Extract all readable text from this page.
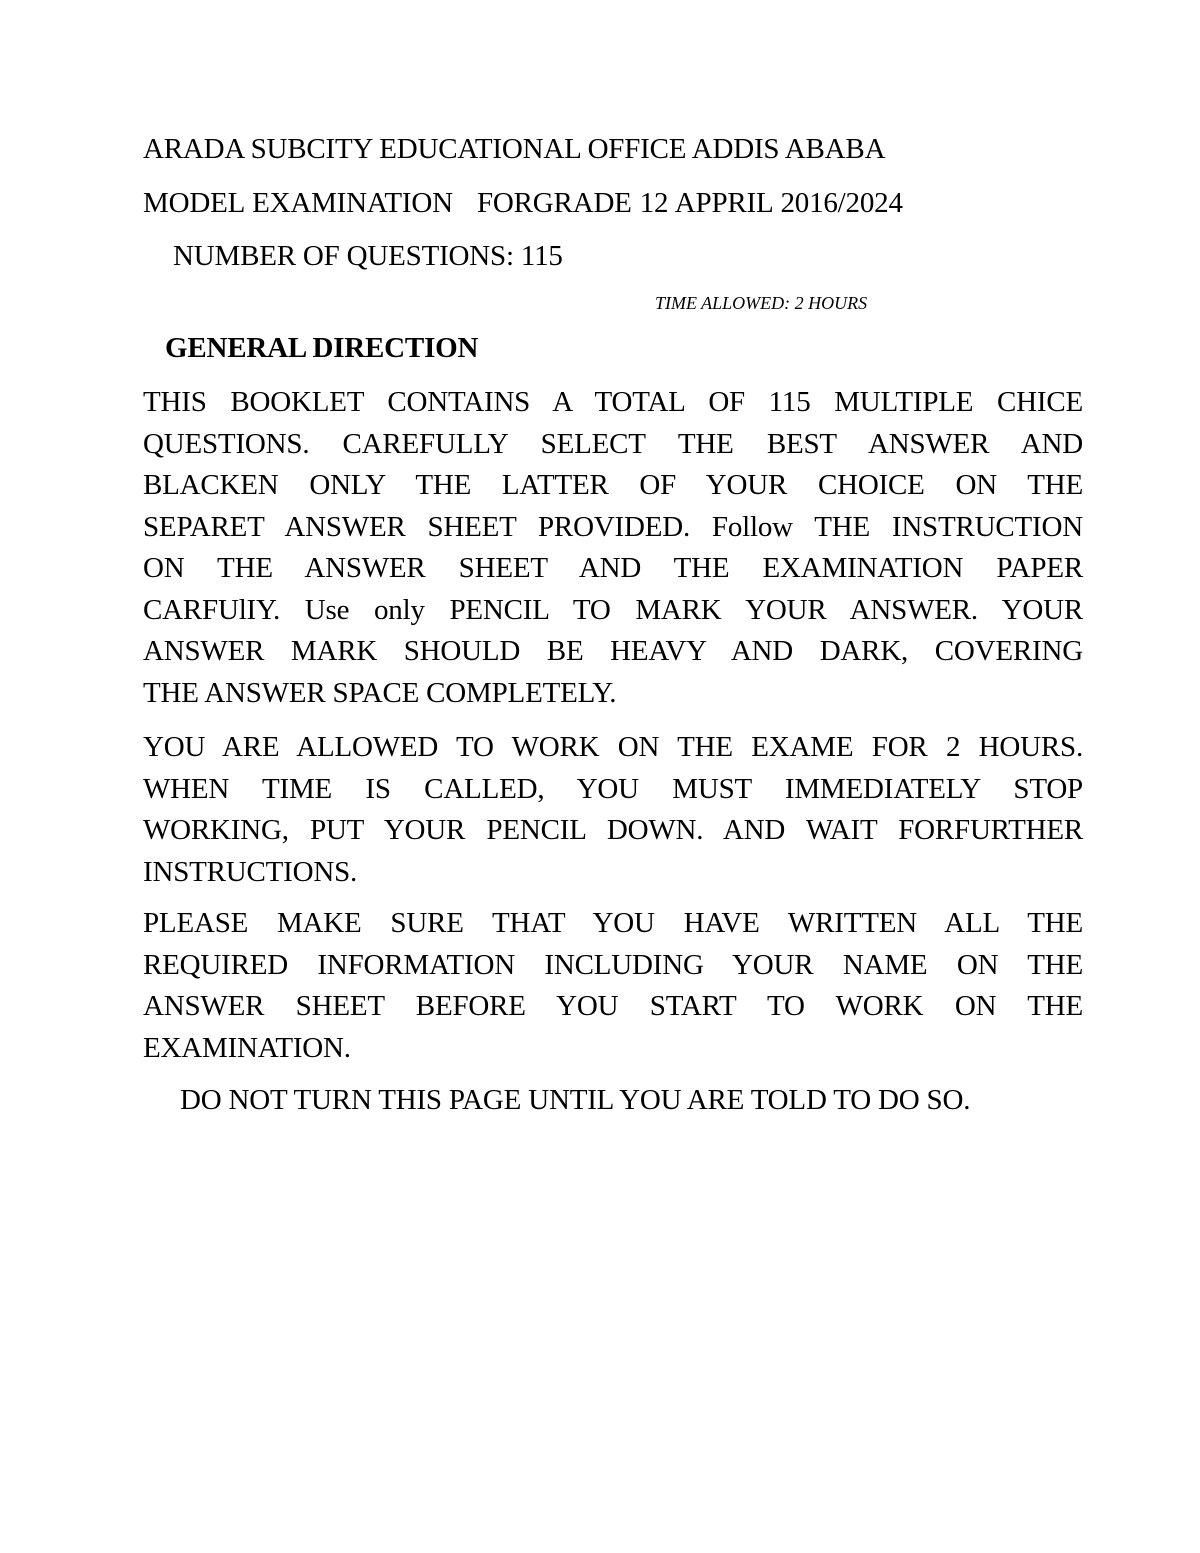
ARADA SUBCITY EDUCATIONAL OFFICE ADDIS ABABA
MODEL EXAMINATION   FORGRADE 12 APPRIL 2016/2024
NUMBER OF QUESTIONS: 115
TIME ALLOWED: 2 HOURS
GENERAL DIRECTION
THIS BOOKLET CONTAINS A TOTAL OF 115 MULTIPLE CHICE
QUESTIONS. CAREFULLY SELECT THE BEST ANSWER AND
BLACKEN ONLY THE LATTER OF YOUR CHOICE ON THE
SEPARET ANSWER SHEET PROVIDED. Follow THE INSTRUCTION
ON THE ANSWER SHEET AND THE EXAMINATION PAPER
CARFUlIY. Use only PENCIL TO MARK YOUR ANSWER. YOUR
ANSWER MARK SHOULD BE HEAVY AND DARK, COVERING
THE ANSWER SPACE COMPLETELY.
YOU ARE ALLOWED TO WORK ON THE EXAME FOR 2 HOURS.
WHEN TIME IS CALLED, YOU MUST IMMEDIATELY STOP
WORKING, PUT YOUR PENCIL DOWN. AND WAIT FORFURTHER
INSTRUCTIONS.
PLEASE MAKE SURE THAT YOU HAVE WRITTEN ALL THE
REQUIRED INFORMATION INCLUDING YOUR NAME ON THE
ANSWER SHEET BEFORE YOU START TO WORK ON THE
EXAMINATION.
DO NOT TURN THIS PAGE UNTIL YOU ARE TOLD TO DO SO.
